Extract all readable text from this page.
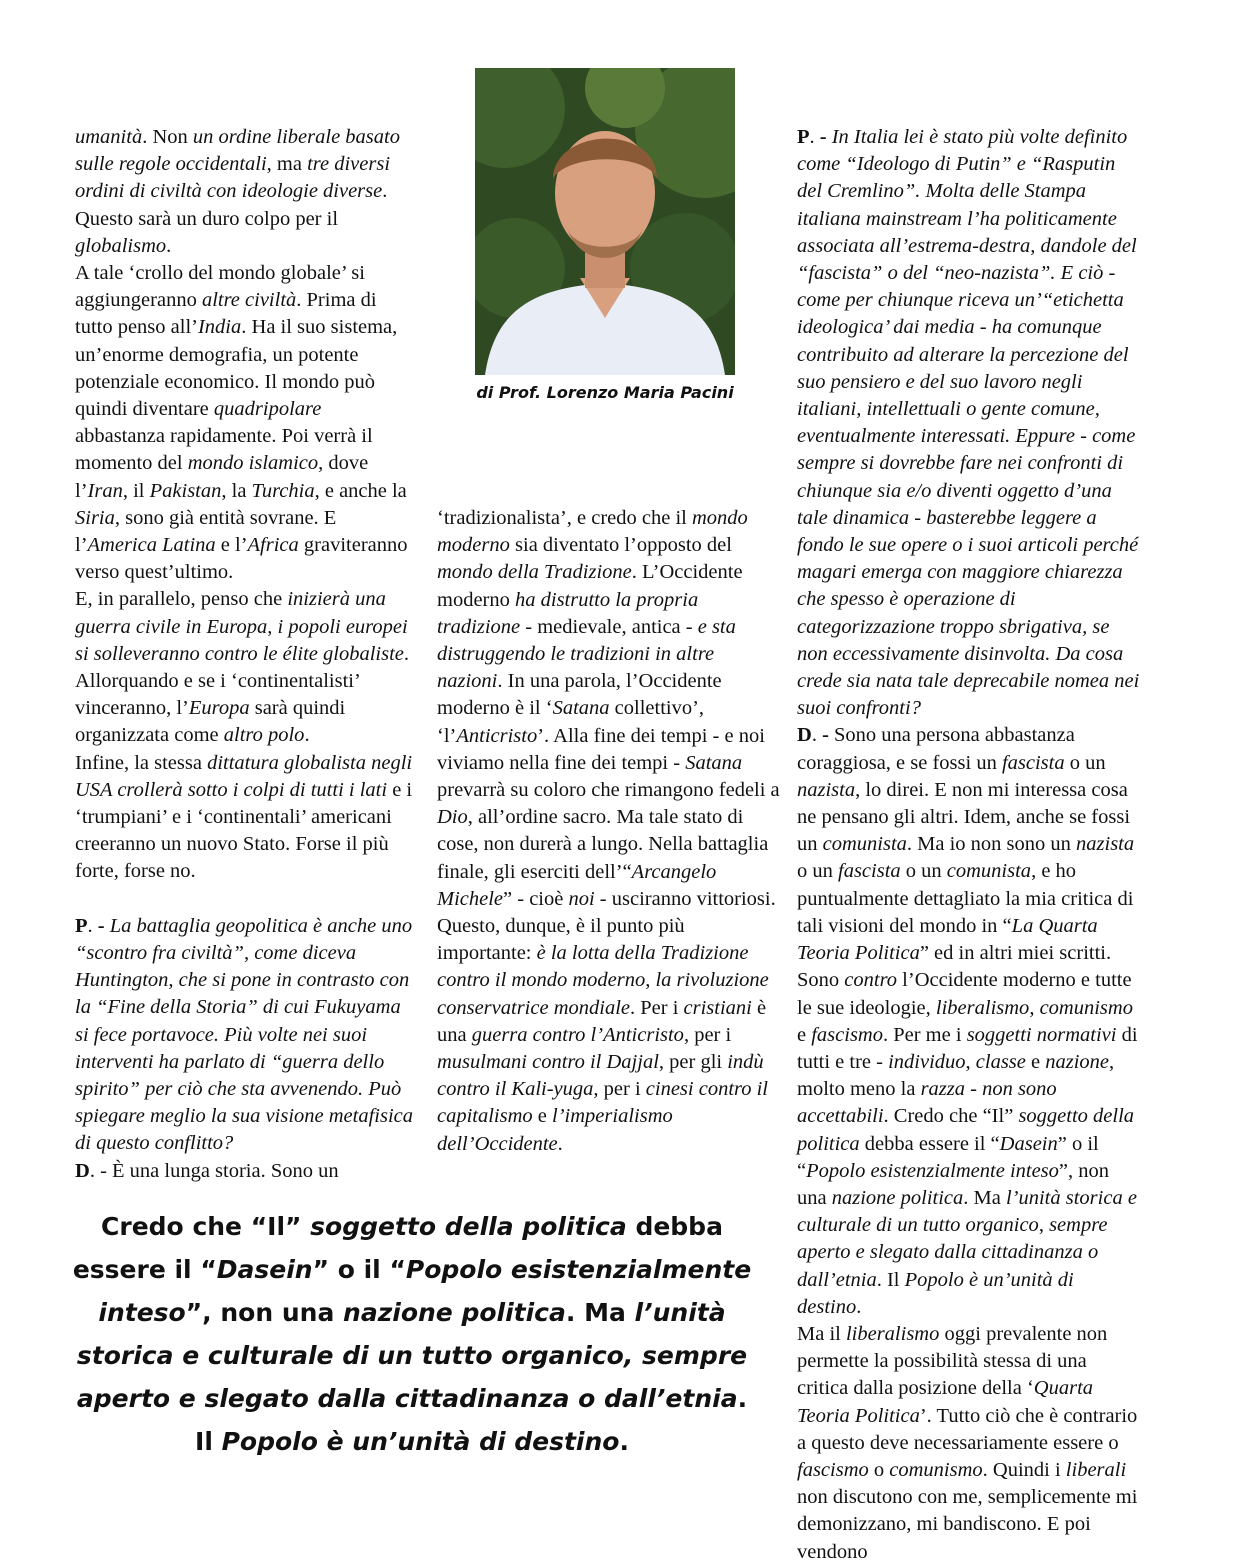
umanità. Non un ordine liberale basato sulle regole occidentali, ma tre diversi ordini di civiltà con ideologie diverse. Questo sarà un duro colpo per il globalismo.

A tale ‘crollo del mondo globale’ si aggiungeranno altre civiltà. Prima di tutto penso all’India. Ha il suo sistema, un’enorme demografia, un potente potenziale economico. Il mondo può quindi diventare quadripolare abbastanza rapidamente. Poi verrà il momento del mondo islamico, dove l’Iran, il Pakistan, la Turchia, e anche la Siria, sono già entità sovrane. E l’America Latina e l’Africa graviteranno verso quest’ultimo.

E, in parallelo, penso che inizierà una guerra civile in Europa, i popoli europei si solleveranno contro le élite globaliste.

Allorquando e se i ‘continentalisti’ vinceranno, l’Europa sarà quindi organizzata come altro polo.

Infine, la stessa dittatura globalista negli USA crollerà sotto i colpi di tutti i lati e i ‘trumpiani’ e i ‘continentali’ americani creeranno un nuovo Stato. Forse il più forte, forse no.

P. - La battaglia geopolitica è anche uno “scontro fra civiltà”, come diceva Huntington, che si pone in contrasto con la “Fine della Storia” di cui Fukuyama si fece portavoce. Più volte nei suoi interventi ha parlato di “guerra dello spirito” per ciò che sta avvenendo. Può spiegare meglio la sua visione metafisica di questo conflitto?

D. - È una lunga storia. Sono un

di Prof. Lorenzo Maria Pacini

‘tradizionalista’, e credo che il mondo moderno sia diventato l’opposto del mondo della Tradizione. L’Occidente moderno ha distrutto la propria tradizione - medievale, antica - e sta distruggendo le tradizioni in altre nazioni. In una parola, l’Occidente moderno è il ‘Satana collettivo’, ‘l’Anticristo’. Alla fine dei tempi - e noi viviamo nella fine dei tempi - Satana prevarrà su coloro che rimangono fedeli a Dio, all’ordine sacro. Ma tale stato di cose, non durerà a lungo. Nella battaglia finale, gli eserciti dell’“Arcangelo Michele” - cioè noi - usciranno vittoriosi. Questo, dunque, è il punto più importante: è la lotta della Tradizione contro il mondo moderno, la rivoluzione conservatrice mondiale. Per i cristiani è una guerra contro l’Anticristo, per i musulmani contro il Dajjal, per gli indù contro il Kali-yuga, per i cinesi contro il capitalismo e l’imperialismo dell’Occidente.

P. - In Italia lei è stato più volte definito come “Ideologo di Putin” e “Rasputin del Cremlino”. Molta delle Stampa italiana mainstream l’ha politicamente associata all’estrema-destra, dandole del “fascista” o del “neo-nazista”. E ciò - come per chiunque riceva un’“etichetta ideologica’ dai media - ha comunque contribuito ad alterare la percezione del suo pensiero e del suo lavoro negli italiani, intellettuali o gente comune, eventualmente interessati. Eppure - come sempre si dovrebbe fare nei confronti di chiunque sia e/o diventi oggetto d’una tale dinamica - basterebbe leggere a fondo le sue opere o i suoi articoli perché magari emerga con maggiore chiarezza che spesso è operazione di categorizzazione troppo sbrigativa, se non eccessivamente disinvolta. Da cosa crede sia nata tale deprecabile nomea nei suoi confronti?

D. - Sono una persona abbastanza coraggiosa, e se fossi un fascista o un nazista, lo direi. E non mi interessa cosa ne pensano gli altri. Idem, anche se fossi un comunista. Ma io non sono un nazista o un fascista o un comunista, e ho puntualmente dettagliato la mia critica di tali visioni del mondo in “La Quarta Teoria Politica” ed in altri miei scritti. Sono contro l’Occidente moderno e tutte le sue ideologie, liberalismo, comunismo e fascismo. Per me i soggetti normativi di tutti e tre - individuo, classe e nazione, molto meno la razza - non sono accettabili. Credo che “Il” soggetto della politica debba essere il “Dasein” o il “Popolo esistenzialmente inteso”, non una nazione politica. Ma l’unità storica e culturale di un tutto organico, sempre aperto e slegato dalla cittadinanza o dall’etnia. Il Popolo è un’unità di destino.

Ma il liberalismo oggi prevalente non permette la possibilità stessa di una critica dalla posizione della ‘Quarta Teoria Politica’. Tutto ciò che è contrario a questo deve necessariamente essere o fascismo o comunismo. Quindi i liberali non discutono con me, semplicemente mi demonizzano, mi bandiscono. E poi vendono

Credo che “Il” soggetto della politica debba essere il “Dasein” o il “Popolo esistenzialmente inteso”, non una nazione politica. Ma l’unità storica e culturale di un tutto organico, sempre aperto e slegato dalla cittadinanza o dall’etnia. Il Popolo è un’unità di destino.
